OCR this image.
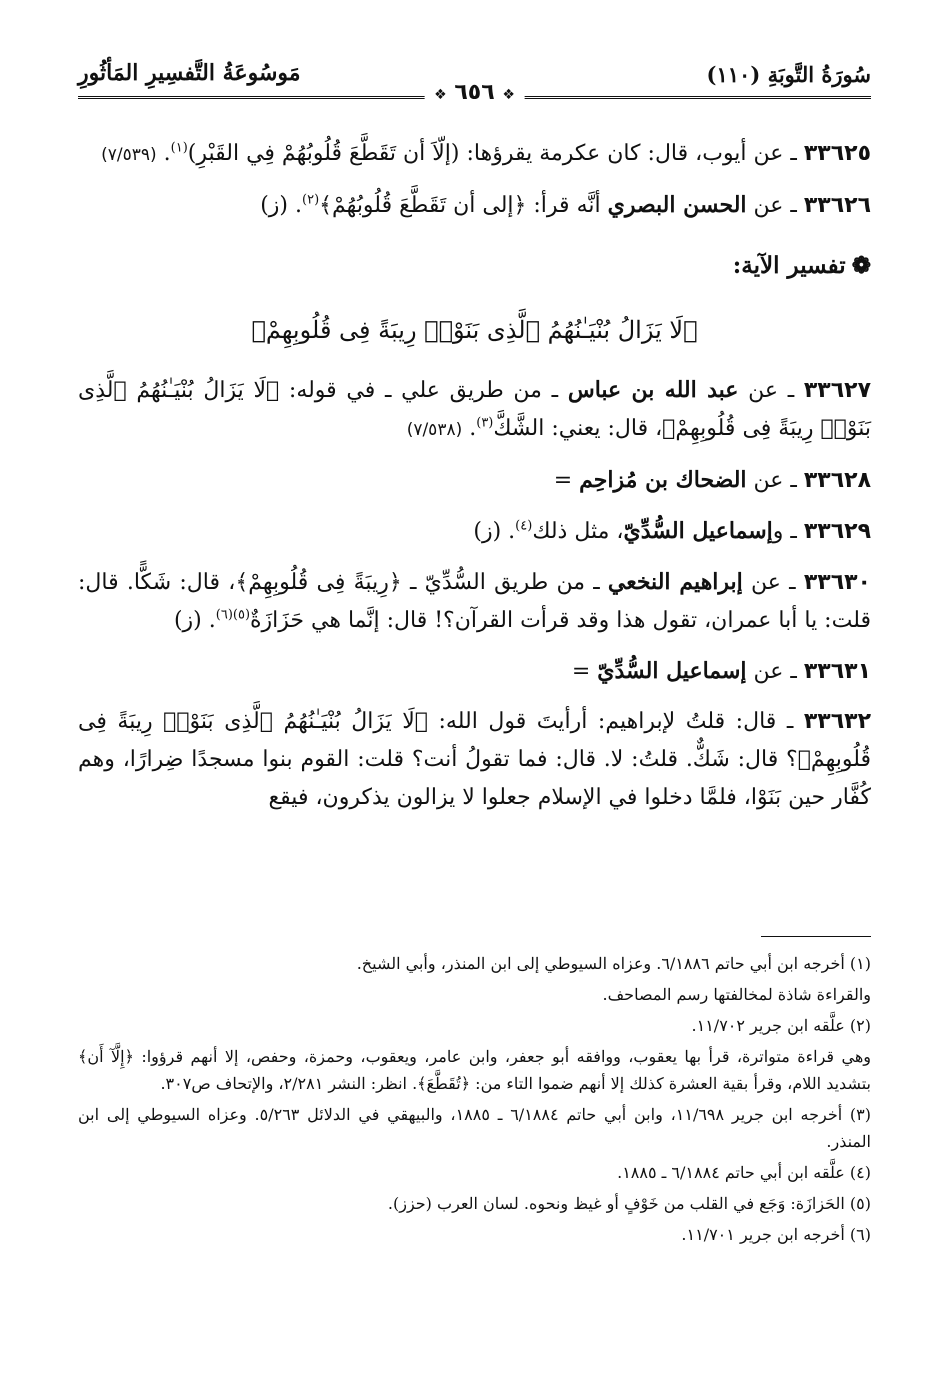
سُورَةُ التَّوبَةِ (١١٠)
مَوسُوعَةُ التَّفسِيرِ المَأثُورِ
❖ ٦٥٦ ❖

٣٣٦٢٥ ـ عن أيوب، قال: كان عكرمة يقرؤها: (إلّاَ أن تَقَطَّعَ قُلُوبُهُمْ فِي القَبْرِ)$^{(١)}$. (٧/٥٣٩)

٣٣٦٢٦ ـ عن الحسن البصري أنَّه قرأ: ﴿إلى أن تَقَطَّعَ قُلُوبُهُمْ﴾$^{(٢)}$. (ز)

❁تفسير الآية:
﴿لَا يَزَالُ بُنْيَـٰنُهُمُ ٱلَّذِى بَنَوْا۟ رِيبَةً فِى قُلُوبِهِمْ﴾

٣٣٦٢٧ ـ عن عبد الله بن عباس ـ من طريق علي ـ في قوله: ﴿لَا يَزَالُ بُنْيَـٰنُهُمُ ٱلَّذِى بَنَوْا۟ رِيبَةً فِى قُلُوبِهِمْ﴾، قال: يعني: الشَّكَّ$^{(٣)}$. (٧/٥٣٨)

٣٣٦٢٨ ـ عن الضحاك بن مُزاحِم =

٣٣٦٢٩ ـ وإسماعيل السُّدِّيّ، مثل ذلك$^{(٤)}$. (ز)

٣٣٦٣٠ ـ عن إبراهيم النخعي ـ من طريق السُّدِّيّ ـ ﴿رِيبَةً فِى قُلُوبِهِمْ﴾، قال: شَكًّا. قال: قلت: يا أبا عمران، تقول هذا وقد قرأت القرآن؟! قال: إنَّما هي حَزَازَةٌ$^{(٥)(٦)}$. (ز)

٣٣٦٣١ ـ عن إسماعيل السُّدِّيّ =

٣٣٦٣٢ ـ قال: قلتُ لإبراهيم: أرأيتَ قول الله: ﴿لَا يَزَالُ بُنْيَـٰنُهُمُ ٱلَّذِى بَنَوْا۟ رِيبَةً فِى قُلُوبِهِمْ﴾؟ قال: شَكٌّ. قلتُ: لا. قال: فما تقولُ أنت؟ قلت: القوم بنوا مسجدًا ضِرارًا، وهم كُفَّار حين بَنَوْا، فلمَّا دخلوا في الإسلام جعلوا لا يزالون يذكرون، فيقع

(١) أخرجه ابن أبي حاتم ٦/١٨٨٦. وعزاه السيوطي إلى ابن المنذر، وأبي الشيخ.

والقراءة شاذة لمخالفتها رسم المصاحف.

(٢) علَّقه ابن جرير ١١/٧٠٢.

وهي قراءة متواترة، قرأ بها يعقوب، ووافقه أبو جعفر، وابن عامر، ويعقوب، وحمزة، وحفص، إلا أنهم قرؤوا: ﴿إِلَّآ أَن﴾ بتشديد اللام، وقرأ بقية العشرة كذلك إلا أنهم ضموا التاء من: ﴿تُقَطَّعَ﴾. انظر: النشر ٢/٢٨١، والإتحاف ص٣٠٧.

(٣) أخرجه ابن جرير ١١/٦٩٨، وابن أبي حاتم ٦/١٨٨٤ ـ ١٨٨٥، والبيهقي في الدلائل ٥/٢٦٣. وعزاه السيوطي إلى ابن المنذر.

(٤) علَّقه ابن أبي حاتم ٦/١٨٨٤ ـ ١٨٨٥.

(٥) الحَزازَة: وَجَع في القلب من خَوْفٍ أو غيظ ونحوه. لسان العرب (حزز).

(٦) أخرجه ابن جرير ١١/٧٠١.
